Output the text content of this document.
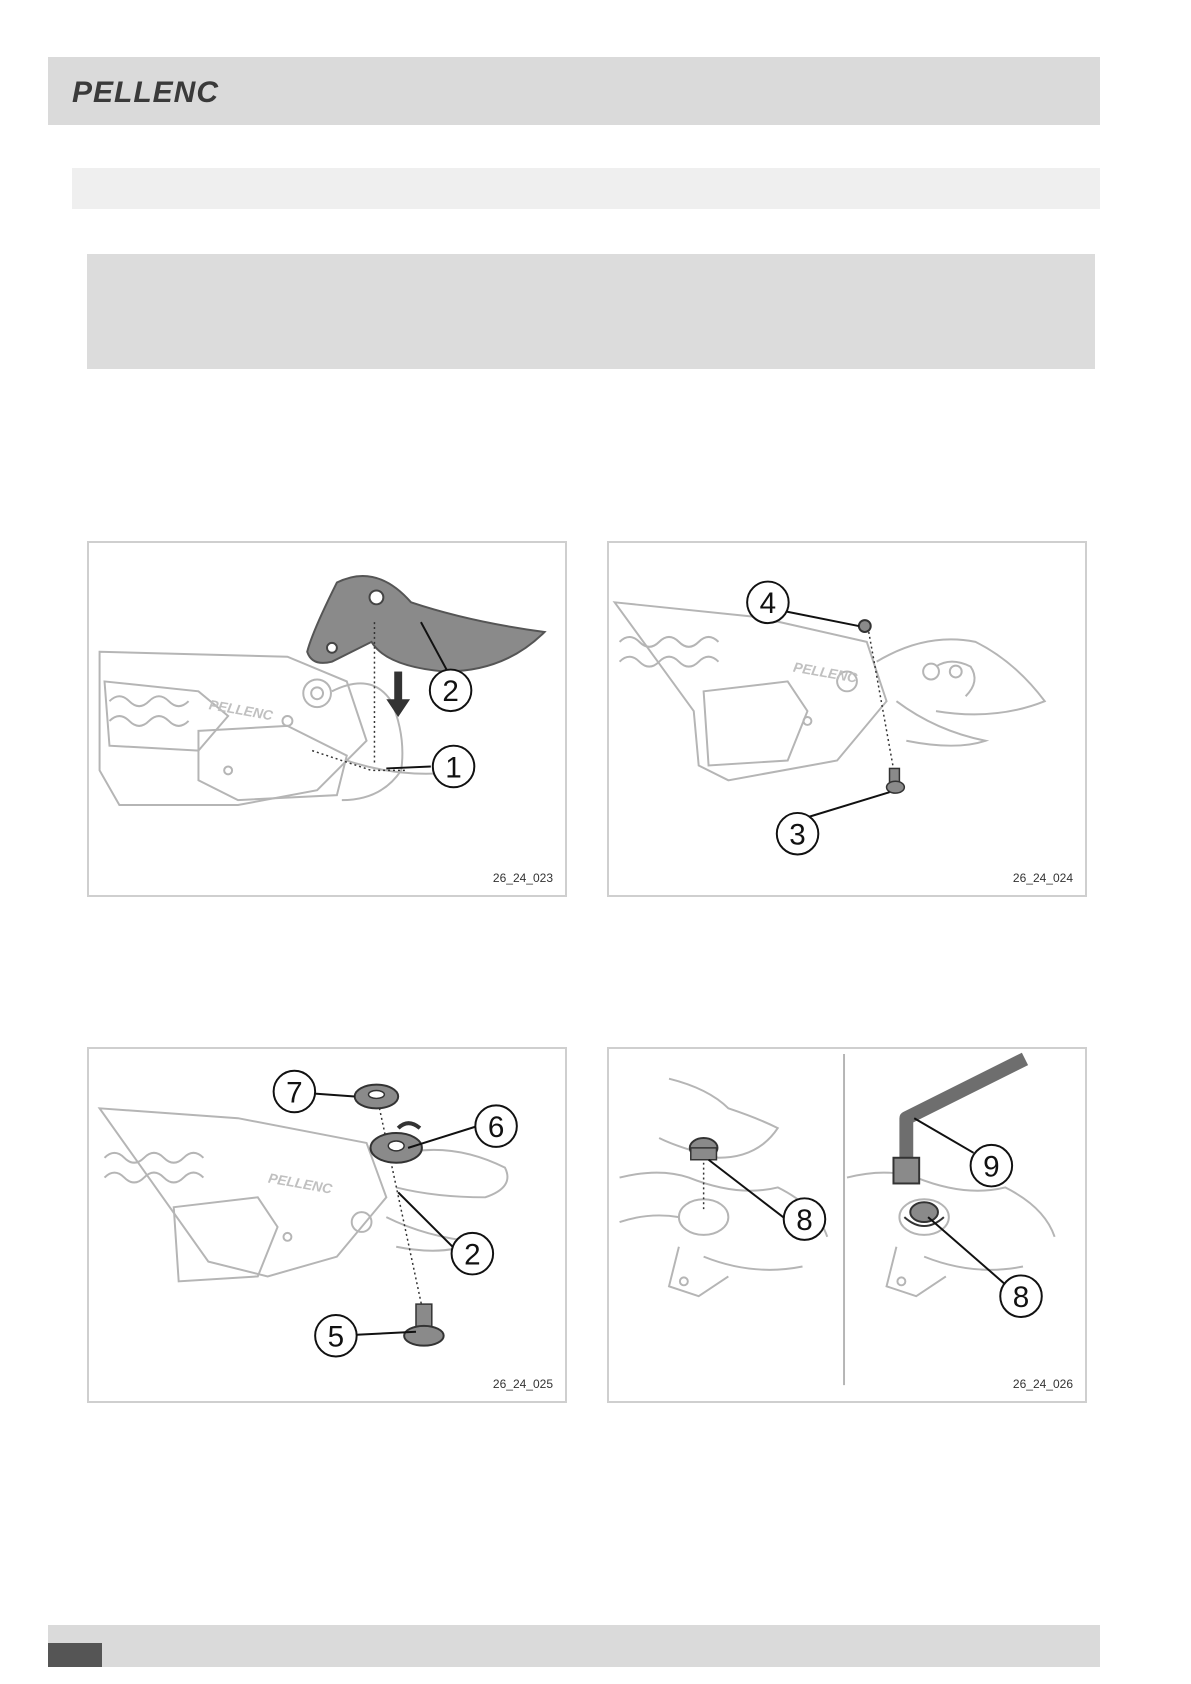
PELLENC
PELLENC
2
1
26_24_023
PELLENC
4
3
26_24_024
PELLENC
7
6
2
5
26_24_025
8
9
8
26_24_026
